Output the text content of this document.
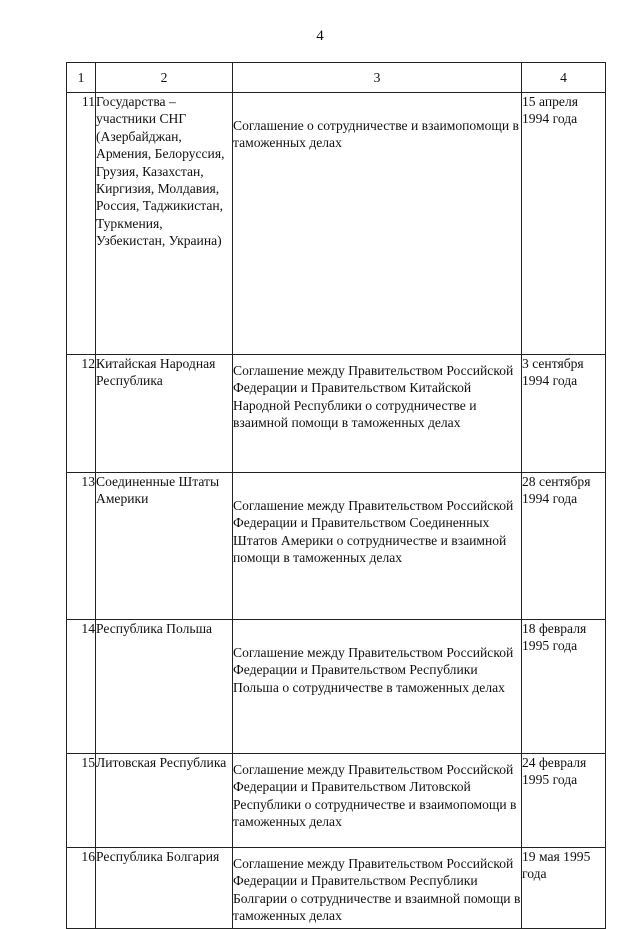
4
1	2	3	4
11	Государства – участники СНГ (Азербайджан, Армения, Белоруссия, Грузия, Казахстан, Киргизия, Молдавия, Россия, Таджикистан, Туркмения, Узбекистан, Украина)	Соглашение о сотрудничестве и взаимопомощи в таможенных делах	15 апреля 1994 года
12	Китайская Народная Республика	Соглашение между Правительством Российской Федерации и Правительством Китайской Народной Республики о сотрудничестве и взаимной помощи в таможенных делах	3 сентября 1994 года
13	Соединенные Штаты Америки	Соглашение между Правительством Российской Федерации и Правительством Соединенных Штатов Америки о сотрудничестве и взаимной помощи в таможенных делах	28 сентября 1994 года
14	Республика Польша	Соглашение между Правительством Российской Федерации и Правительством Республики Польша о сотрудничестве в таможенных делах	18 февраля 1995 года
15	Литовская Республика	Соглашение между Правительством Российской Федерации и Правительством Литовской Республики о сотрудничестве и взаимопомощи в таможенных делах	24 февраля 1995 года
16	Республика Болгария	Соглашение между Правительством Российской Федерации и Правительством Республики Болгарии о сотрудничестве и взаимной помощи в таможенных делах	19 мая 1995 года
